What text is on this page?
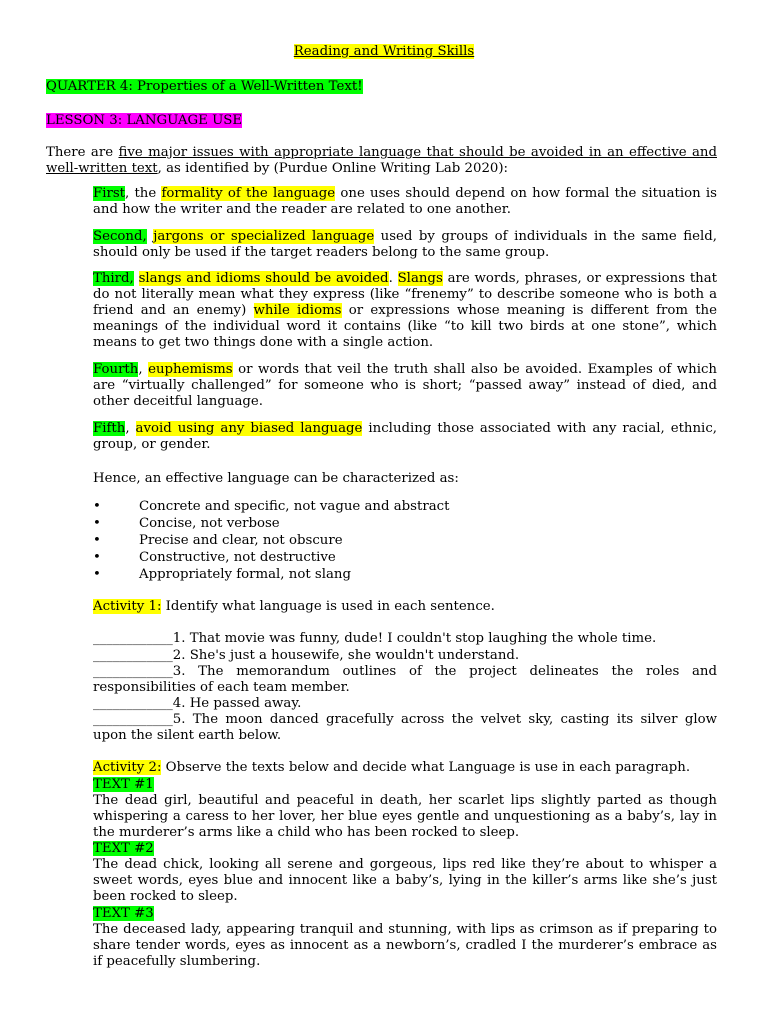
Reading and Writing Skills
QUARTER 4: Properties of a Well-Written Text!
LESSON 3: LANGUAGE USE
There are five major issues with appropriate language that should be avoided in an effective and well-written text, as identified by (Purdue Online Writing Lab 2020):
First, the formality of the language one uses should depend on how formal the situation is and how the writer and the reader are related to one another.
Second, jargons or specialized language used by groups of individuals in the same field, should only be used if the target readers belong to the same group.
Third, slangs and idioms should be avoided. Slangs are words, phrases, or expressions that do not literally mean what they express (like “frenemy” to describe someone who is both a friend and an enemy) while idioms or expressions whose meaning is different from the meanings of the individual word it contains (like “to kill two birds at one stone”, which means to get two things done with a single action.
Fourth, euphemisms or words that veil the truth shall also be avoided. Examples of which are “virtually challenged” for someone who is short; “passed away” instead of died, and other deceitful language.
Fifth, avoid using any biased language including those associated with any racial, ethnic, group, or gender.
Hence, an effective language can be characterized as:
•	Concrete and specific, not vague and abstract
•	Concise, not verbose
•	Precise and clear, not obscure
•	Constructive, not destructive
•	Appropriately formal, not slang
Activity 1: Identify what language is used in each sentence.
____________1. That movie was funny, dude! I couldn't stop laughing the whole time.
____________2. She's just a housewife, she wouldn't understand.
____________3. The memorandum outlines of the project delineates the roles and responsibilities of each team member.
____________4. He passed away.
____________5. The moon danced gracefully across the velvet sky, casting its silver glow upon the silent earth below.
Activity 2: Observe the texts below and decide what Language is use in each paragraph.
TEXT #1
The dead girl, beautiful and peaceful in death, her scarlet lips slightly parted as though whispering a caress to her lover, her blue eyes gentle and unquestioning as a baby’s, lay in the murderer’s arms like a child who has been rocked to sleep.
TEXT #2
The dead chick, looking all serene and gorgeous, lips red like they’re about to whisper a sweet words, eyes blue and innocent like a baby’s, lying in the killer’s arms like she’s just been rocked to sleep.
TEXT #3
The deceased lady, appearing tranquil and stunning, with lips as crimson as if preparing to share tender words, eyes as innocent as a newborn’s, cradled I the murderer’s embrace as if peacefully slumbering.
